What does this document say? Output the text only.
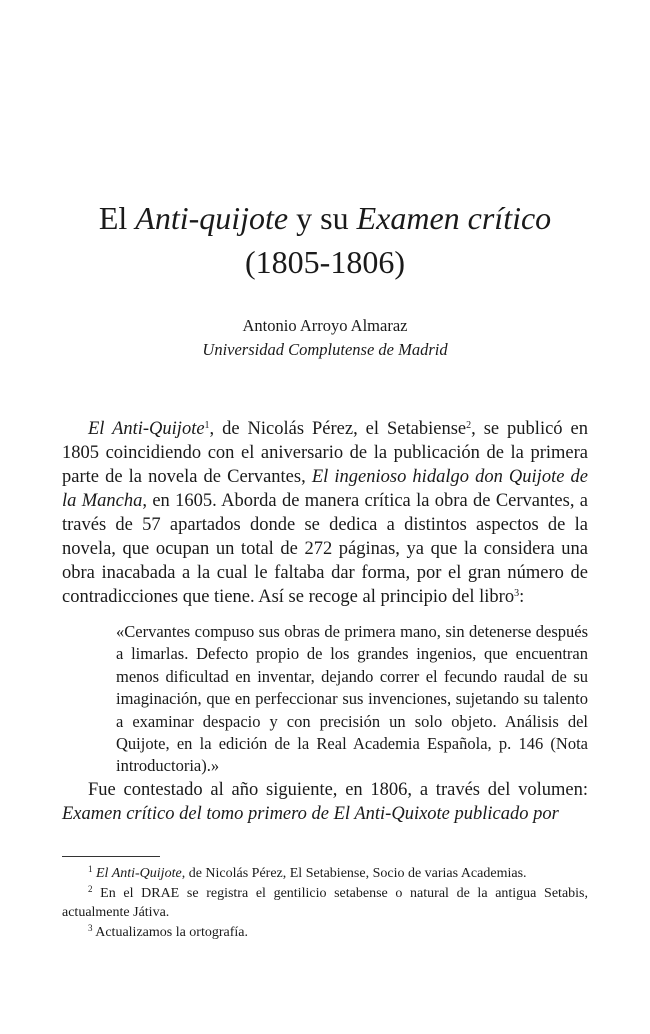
El Anti-quijote y su Examen crítico
(1805-1806)
Antonio Arroyo Almaraz
Universidad Complutense de Madrid

El Anti-Quijote$^1$, de Nicolás Pérez, el Setabiense$^2$, se publicó en 1805 coincidiendo con el aniversario de la publicación de la primera parte de la novela de Cervantes, El ingenioso hidalgo don Quijote de la Mancha, en 1605. Aborda de manera crítica la obra de Cervantes, a través de 57 apartados donde se dedica a distintos aspectos de la novela, que ocupan un total de 272 páginas, ya que la considera una obra inacabada a la cual le faltaba dar forma, por el gran número de contradicciones que tiene. Así se recoge al principio del libro$^3$:

«Cervantes compuso sus obras de primera mano, sin detenerse después a limarlas. Defecto propio de los grandes ingenios, que encuentran menos dificultad en inventar, dejando correr el fecundo raudal de su imaginación, que en perfeccionar sus invenciones, sujetando su talento a examinar despacio y con precisión un solo objeto. Análisis del Quijote, en la edición de la Real Academia Española, p. 146 (Nota introductoria).»

Fue contestado al año siguiente, en 1806, a través del volumen: Examen crítico del tomo primero de El Anti-Quixote publicado por

$^1$ El Anti-Quijote, de Nicolás Pérez, El Setabiense, Socio de varias Academias.

$^2$ En el DRAE se registra el gentilicio setabense o natural de la antigua Setabis, actualmente Játiva.

$^3$ Actualizamos la ortografía.
